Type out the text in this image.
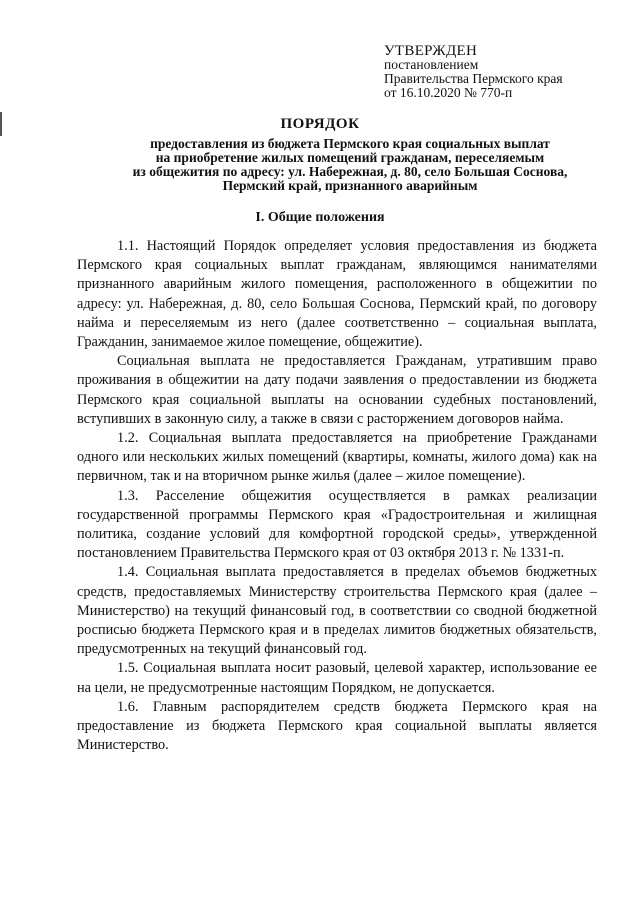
УТВЕРЖДЕН
постановлением
Правительства Пермского края
от 16.10.2020 № 770-п
ПОРЯДОК
предоставления из бюджета Пермского края социальных выплат
на приобретение жилых помещений гражданам, переселяемым
из общежития по адресу: ул. Набережная, д. 80, село Большая Соснова,
Пермский край, признанного аварийным
I. Общие положения

1.1. Настоящий Порядок определяет условия предоставления из бюджета Пермского края социальных выплат гражданам, являющимся нанимателями признанного аварийным жилого помещения, расположенного в общежитии по адресу: ул. Набережная, д. 80, село Большая Соснова, Пермский край, по договору найма и переселяемым из него (далее соответственно – социальная выплата, Гражданин, занимаемое жилое помещение, общежитие).

Социальная выплата не предоставляется Гражданам, утратившим право проживания в общежитии на дату подачи заявления о предоставлении из бюджета Пермского края социальной выплаты на основании судебных постановлений, вступивших в законную силу, а также в связи с расторжением договоров найма.

1.2. Социальная выплата предоставляется на приобретение Гражданами одного или нескольких жилых помещений (квартиры, комнаты, жилого дома) как на первичном, так и на вторичном рынке жилья (далее – жилое помещение).

1.3. Расселение общежития осуществляется в рамках реализации государственной программы Пермского края «Градостроительная и жилищная политика, создание условий для комфортной городской среды», утвержденной постановлением Правительства Пермского края от 03 октября 2013 г. № 1331-п.

1.4. Социальная выплата предоставляется в пределах объемов бюджетных средств, предоставляемых Министерству строительства Пермского края (далее – Министерство) на текущий финансовый год, в соответствии со сводной бюджетной росписью бюджета Пермского края и в пределах лимитов бюджетных обязательств, предусмотренных на текущий финансовый год.

1.5. Социальная выплата носит разовый, целевой характер, использование ее на цели, не предусмотренные настоящим Порядком, не допускается.

1.6. Главным распорядителем средств бюджета Пермского края на предоставление из бюджета Пермского края социальной выплаты является Министерство.
